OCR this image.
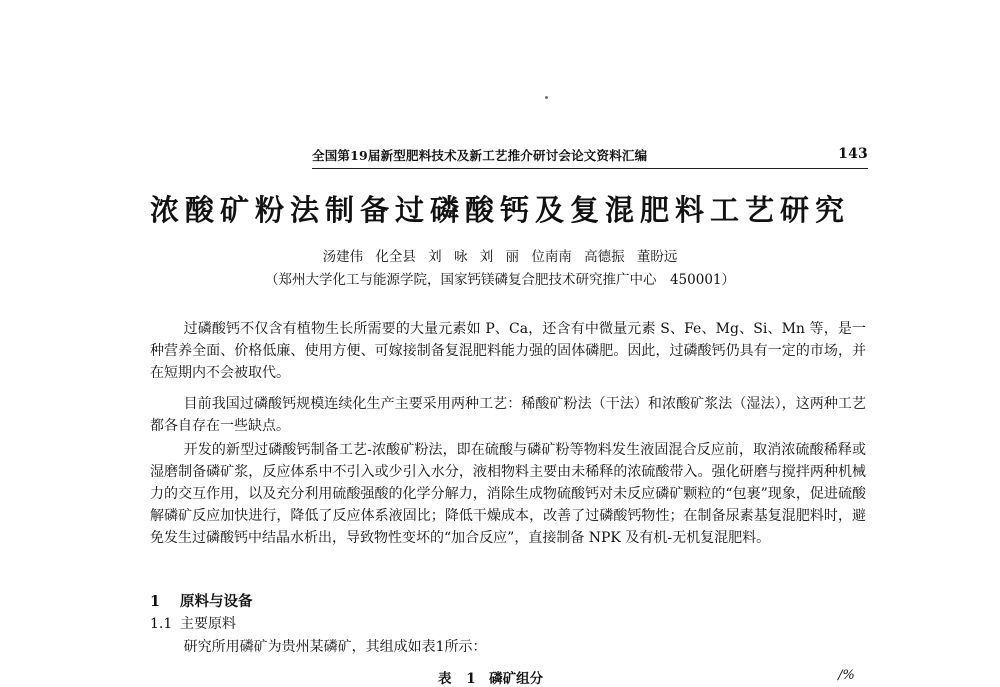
全国第19届新型肥料技术及新工艺推介研讨会论文资料汇编	143
浓酸矿粉法制备过磷酸钙及复混肥料工艺研究
汤建伟 化全县 刘 咏 刘 丽 位南南 高德振 董盼远
（郑州大学化工与能源学院，国家钙镁磷复合肥技术研究推广中心　450001）

过磷酸钙不仅含有植物生长所需要的大量元素如 P、Ca，还含有中微量元素 S、Fe、Mg、Si、Mn 等，是一种营养全面、价格低廉、使用方便、可嫁接制备复混肥料能力强的固体磷肥。因此，过磷酸钙仍具有一定的市场，并在短期内不会被取代。

目前我国过磷酸钙规模连续化生产主要采用两种工艺：稀酸矿粉法（干法）和浓酸矿浆法（湿法），这两种工艺都各自存在一些缺点。

开发的新型过磷酸钙制备工艺-浓酸矿粉法，即在硫酸与磷矿粉等物料发生液固混合反应前，取消浓硫酸稀释或湿磨制备磷矿浆，反应体系中不引入或少引入水分，液相物料主要由未稀释的浓硫酸带入。强化研磨与搅拌两种机械力的交互作用，以及充分利用硫酸强酸的化学分解力，消除生成物硫酸钙对未反应磷矿颗粒的“包裹”现象，促进硫酸解磷矿反应加快进行，降低了反应体系液固比；降低干燥成本，改善了过磷酸钙物性；在制备尿素基复混肥料时，避免发生过磷酸钙中结晶水析出，导致物性变坏的“加合反应”，直接制备 NPK 及有机-无机复混肥料。

1 原料与设备
1.1 主要原料

研究所用磷矿为贵州某磷矿，其组成如表1所示：

表 1　磷矿组分	/%
